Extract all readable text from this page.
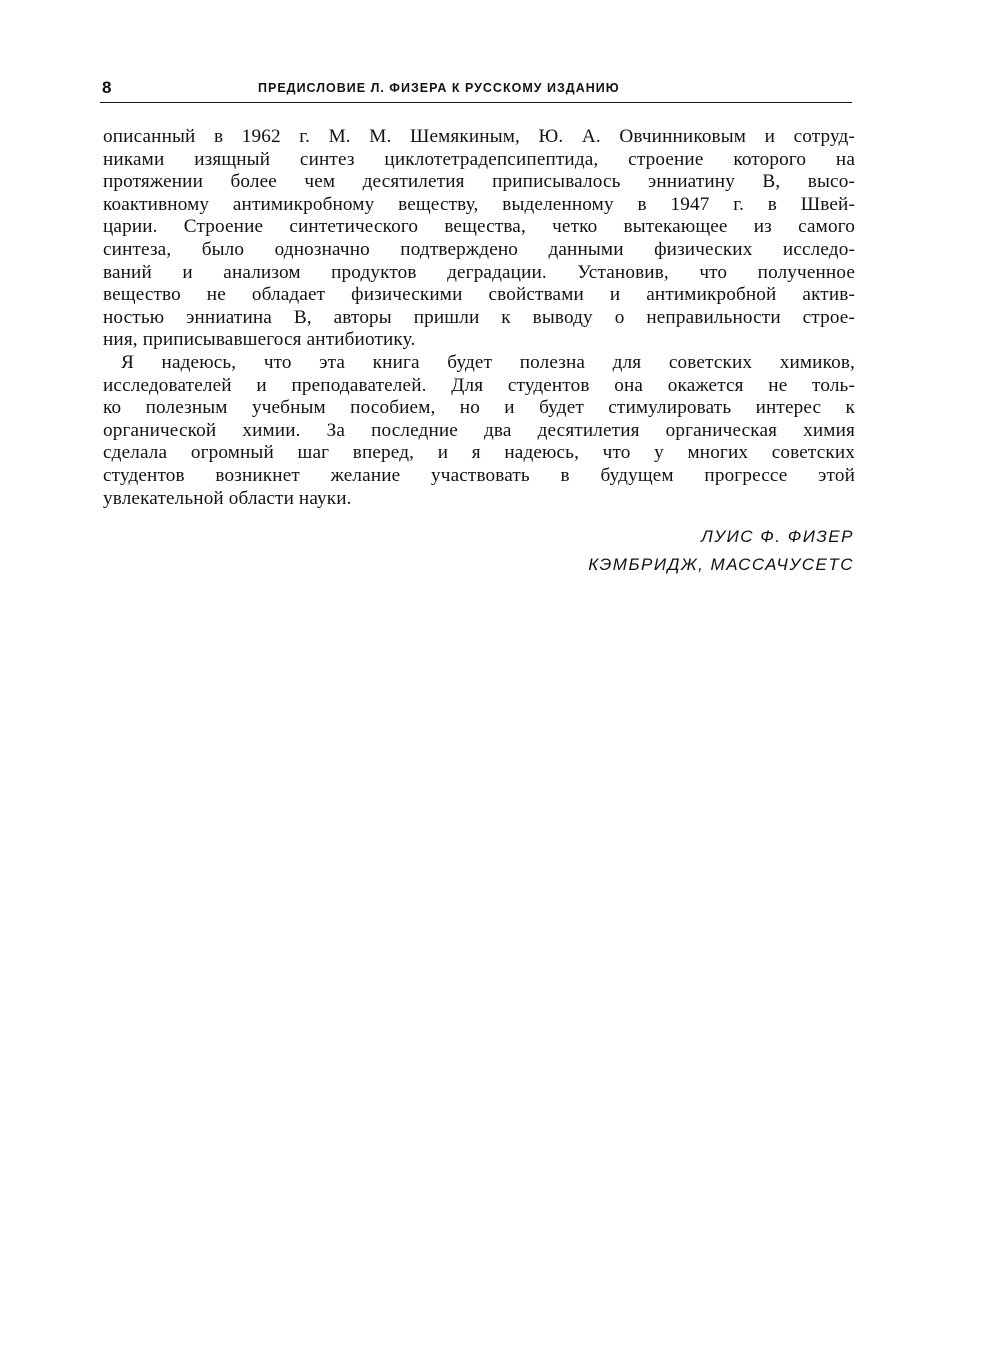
8	ПРЕДИСЛОВИЕ Л. ФИЗЕРА К РУССКОМУ ИЗДАНИЮ
описанный в 1962 г. М. М. Шемякиным, Ю. А. Овчинниковым и сотруд-
никами изящный синтез циклотетрадепсипептида, строение которого на
протяжении более чем десятилетия приписывалось энниатину В, высо-
коактивному антимикробному веществу, выделенному в 1947 г. в Швей-
царии. Строение синтетического вещества, четко вытекающее из самого
синтеза, было однозначно подтверждено данными физических исследо-
ваний и анализом продуктов деградации. Установив, что полученное
вещество не обладает физическими свойствами и антимикробной актив-
ностью энниатина В, авторы пришли к выводу о неправильности строе-
ния, приписывавшегося антибиотику.
Я надеюсь, что эта книга будет полезна для советских химиков,
исследователей и преподавателей. Для студентов она окажется не толь-
ко полезным учебным пособием, но и будет стимулировать интерес к
органической химии. За последние два десятилетия органическая химия
сделала огромный шаг вперед, и я надеюсь, что у многих советских
студентов возникнет желание участвовать в будущем прогрессе этой
увлекательной области науки.
ЛУИС Ф. ФИЗЕР
КЭМБРИДЖ, МАССАЧУСЕТС
